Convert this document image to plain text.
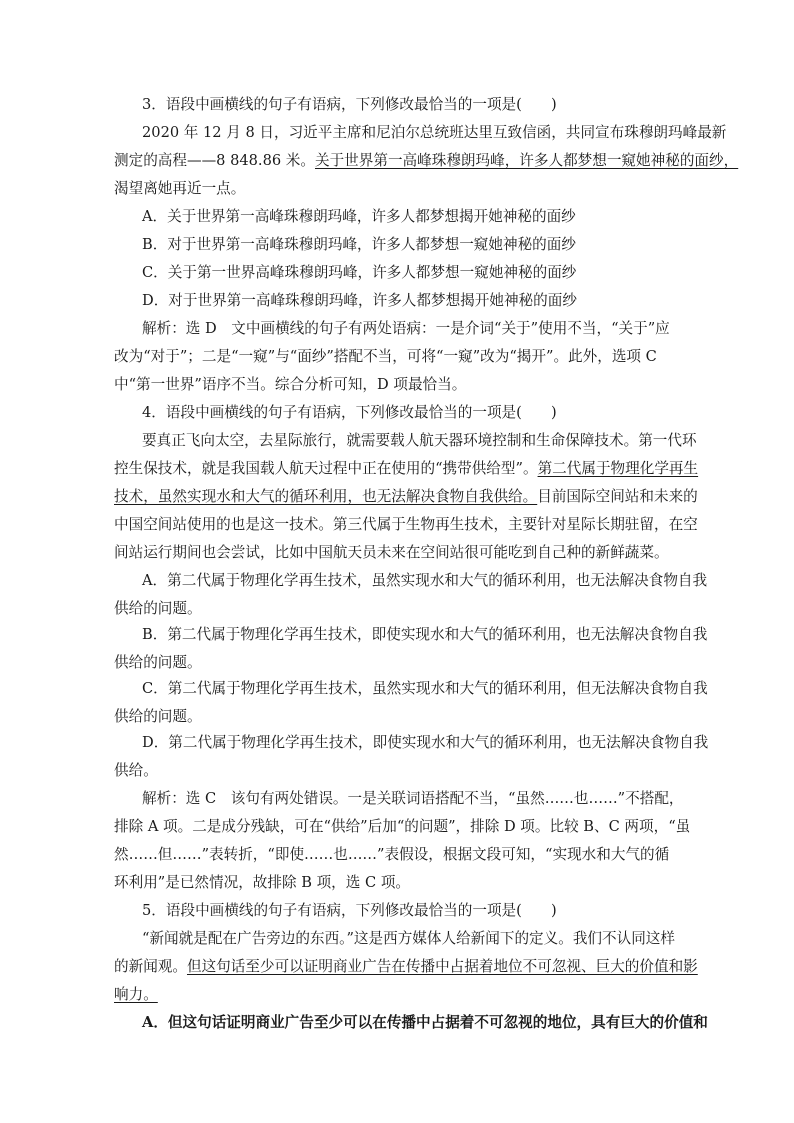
3．语段中画横线的句子有语病，下列修改最恰当的一项是(　　)
2020 年 12 月 8 日，习近平主席和尼泊尔总统班达里互致信函，共同宣布珠穆朗玛峰最新
测定的高程——8 848.86 米。关于世界第一高峰珠穆朗玛峰，许多人都梦想一窥她神秘的面纱，
渴望离她再近一点。
A．关于世界第一高峰珠穆朗玛峰，许多人都梦想揭开她神秘的面纱
B．对于世界第一高峰珠穆朗玛峰，许多人都梦想一窥她神秘的面纱
C．关于第一世界高峰珠穆朗玛峰，许多人都梦想一窥她神秘的面纱
D．对于世界第一高峰珠穆朗玛峰，许多人都梦想揭开她神秘的面纱
解析：选 D　文中画横线的句子有两处语病：一是介词“关于”使用不当，“关于”应
改为“对于”；二是“一窥”与“面纱”搭配不当，可将“一窥”改为“揭开”。此外，选项 C
中“第一世界”语序不当。综合分析可知，D 项最恰当。
4．语段中画横线的句子有语病，下列修改最恰当的一项是(　　)
要真正飞向太空，去星际旅行，就需要载人航天器环境控制和生命保障技术。第一代环
控生保技术，就是我国载人航天过程中正在使用的“携带供给型”。第二代属于物理化学再生
技术，虽然实现水和大气的循环利用，也无法解决食物自我供给。目前国际空间站和未来的
中国空间站使用的也是这一技术。第三代属于生物再生技术，主要针对星际长期驻留，在空
间站运行期间也会尝试，比如中国航天员未来在空间站很可能吃到自己种的新鲜蔬菜。
A．第二代属于物理化学再生技术，虽然实现水和大气的循环利用，也无法解决食物自我
供给的问题。
B．第二代属于物理化学再生技术，即使实现水和大气的循环利用，也无法解决食物自我
供给的问题。
C．第二代属于物理化学再生技术，虽然实现水和大气的循环利用，但无法解决食物自我
供给的问题。
D．第二代属于物理化学再生技术，即使实现水和大气的循环利用，也无法解决食物自我
供给。
解析：选 C　该句有两处错误。一是关联词语搭配不当，“虽然……也……”不搭配，
排除 A 项。二是成分残缺，可在“供给”后加“的问题”，排除 D 项。比较 B、C 两项，“虽
然……但……”表转折，“即使……也……”表假设，根据文段可知，“实现水和大气的循
环利用”是已然情况，故排除 B 项，选 C 项。
5．语段中画横线的句子有语病，下列修改最恰当的一项是(　　)
“新闻就是配在广告旁边的东西。”这是西方媒体人给新闻下的定义。我们不认同这样
的新闻观。但这句话至少可以证明商业广告在传播中占据着地位不可忽视、巨大的价值和影
响力。
A．但这句话证明商业广告至少可以在传播中占据着不可忽视的地位，具有巨大的价值和
